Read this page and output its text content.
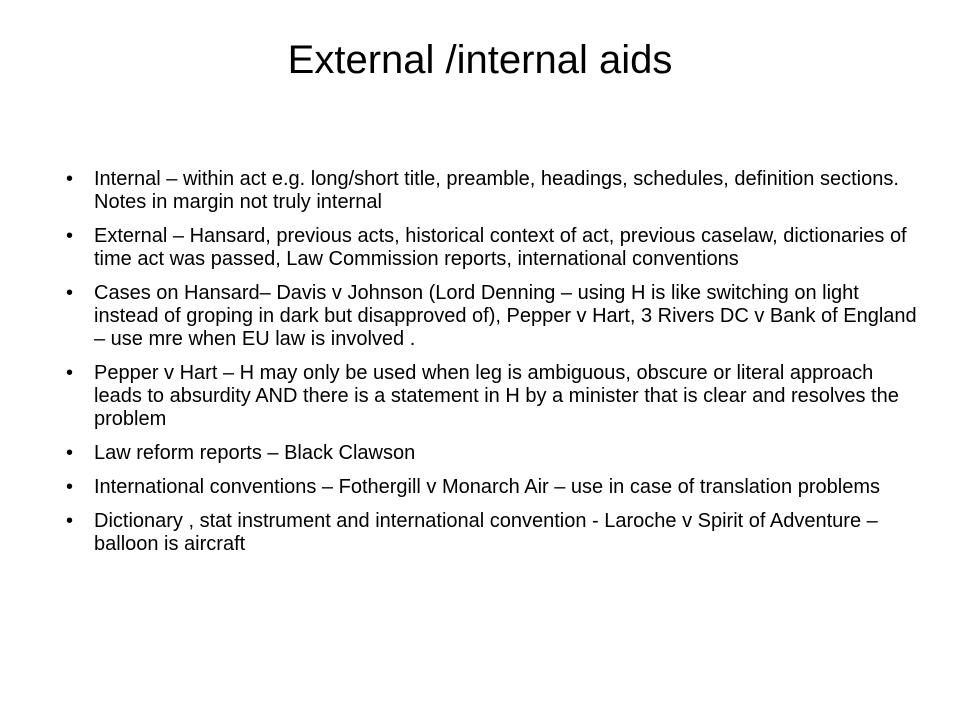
External /internal aids
• Internal – within act e.g. long/short title, preamble, headings, schedules, definition sections. Notes in margin not truly internal
• External – Hansard, previous acts, historical context of act, previous caselaw, dictionaries of time act was passed, Law Commission reports, international conventions
• Cases on Hansard– Davis v Johnson (Lord Denning – using H is like switching on light instead of groping in dark but disapproved of), Pepper v Hart, 3 Rivers DC v Bank of England – use mre when EU law is involved .
• Pepper v Hart – H may only be used when leg is ambiguous, obscure or literal approach leads to absurdity AND there is a statement in H by a minister that is clear and resolves the problem
• Law reform reports – Black Clawson
• International conventions – Fothergill v Monarch Air – use in case of translation problems
• Dictionary , stat instrument and international convention - Laroche v Spirit of Adventure – balloon is aircraft
